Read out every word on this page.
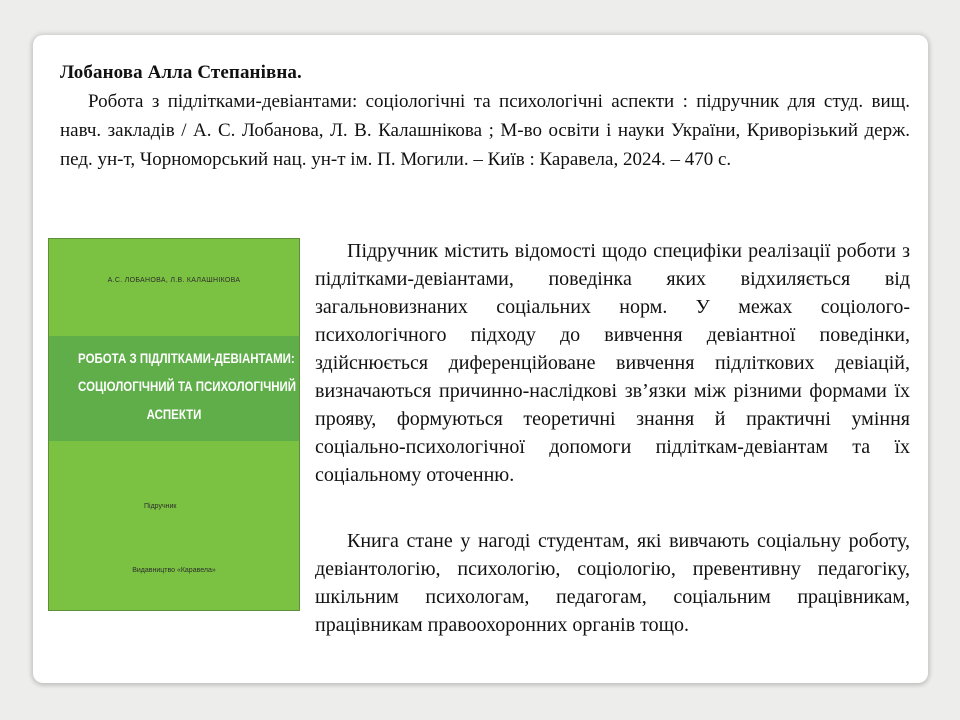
Лобанова Алла Степанівна.
Робота з підлітками-девіантами: соціологічні та психологічні аспекти : підручник для студ. вищ. навч. закладів / А. С. Лобанова, Л. В. Калашнікова ; М-во освіти і науки України, Криворізький держ. пед. ун-т, Чорноморський нац. ун-т ім. П. Могили. – Київ : Каравела, 2024. – 470 с.
А.С. ЛОБАНОВА, Л.В. КАЛАШНІКОВА
РОБОТА З ПІДЛІТКАМИ-ДЕВІАНТАМИ:
СОЦІОЛОГІЧНИЙ ТА ПСИХОЛОГІЧНИЙ
АСПЕКТИ
Підручник
Видавництво «Каравела»

Підручник містить відомості щодо специфіки реалізації роботи з підлітками-девіантами, поведінка яких відхиляється від загальновизнаних соціальних норм. У межах соціолого-психологічного підходу до вивчення девіантної поведінки, здійснюється диференційоване вивчення підліткових девіацій, визначаються причинно-наслідкові зв’язки між різними формами їх прояву, формуються теоретичні знання й практичні уміння соціально-психологічної допомоги підліткам-девіантам та їх соціальному оточенню.

Книга стане у нагоді студентам, які вивчають соціальну роботу, девіантологію, психологію, соціологію, превентивну педагогіку, шкільним психологам, педагогам, соціальним працівникам, працівникам правоохоронних органів тощо.
